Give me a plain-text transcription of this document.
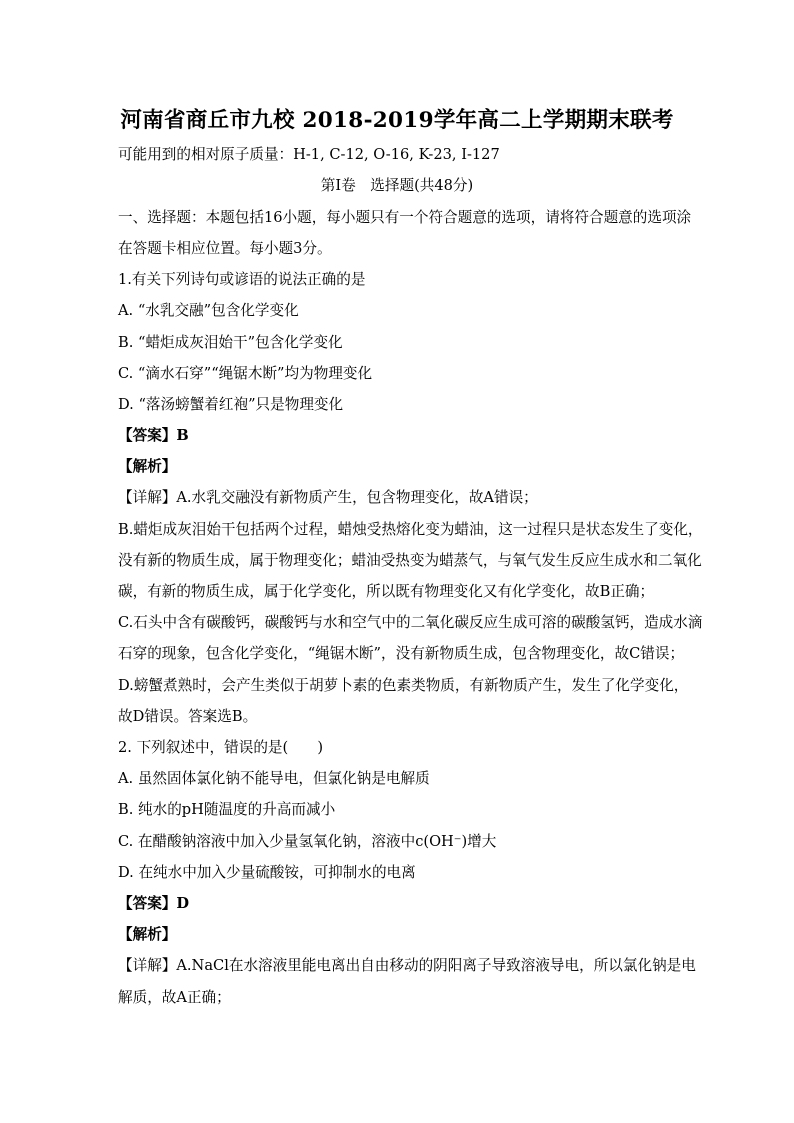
河南省商丘市九校 2018-2019学年高二上学期期末联考
可能用到的相对原子质量：H-1, C-12, O-16, K-23, I-127
第Ⅰ卷　选择题(共48分)
一、选择题：本题包括16小题，每小题只有一个符合题意的选项，请将符合题意的选项涂
在答题卡相应位置。每小题3分。
1.有关下列诗句或谚语的说法正确的是
A. “水乳交融”包含化学变化
B. “蜡炬成灰泪始干”包含化学变化
C. “滴水石穿”“绳锯木断”均为物理变化
D. “落汤螃蟹着红袍”只是物理变化
【答案】B
【解析】
【详解】A.水乳交融没有新物质产生，包含物理变化，故A错误；
B.蜡炬成灰泪始干包括两个过程，蜡烛受热熔化变为蜡油，这一过程只是状态发生了变化，
没有新的物质生成，属于物理变化；蜡油受热变为蜡蒸气，与氧气发生反应生成水和二氧化
碳，有新的物质生成，属于化学变化，所以既有物理变化又有化学变化，故B正确；
C.石头中含有碳酸钙，碳酸钙与水和空气中的二氧化碳反应生成可溶的碳酸氢钙，造成水滴
石穿的现象，包含化学变化，“绳锯木断”，没有新物质生成，包含物理变化，故C错误；
D.螃蟹煮熟时，会产生类似于胡萝卜素的色素类物质，有新物质产生，发生了化学变化，
故D错误。答案选B。
2. 下列叙述中，错误的是(　　)
A. 虽然固体氯化钠不能导电，但氯化钠是电解质
B. 纯水的pH随温度的升高而减小
C. 在醋酸钠溶液中加入少量氢氧化钠，溶液中c(OH⁻)增大
D. 在纯水中加入少量硫酸铵，可抑制水的电离
【答案】D
【解析】
【详解】A.NaCl在水溶液里能电离出自由移动的阴阳离子导致溶液导电，所以氯化钠是电
解质，故A正确；
